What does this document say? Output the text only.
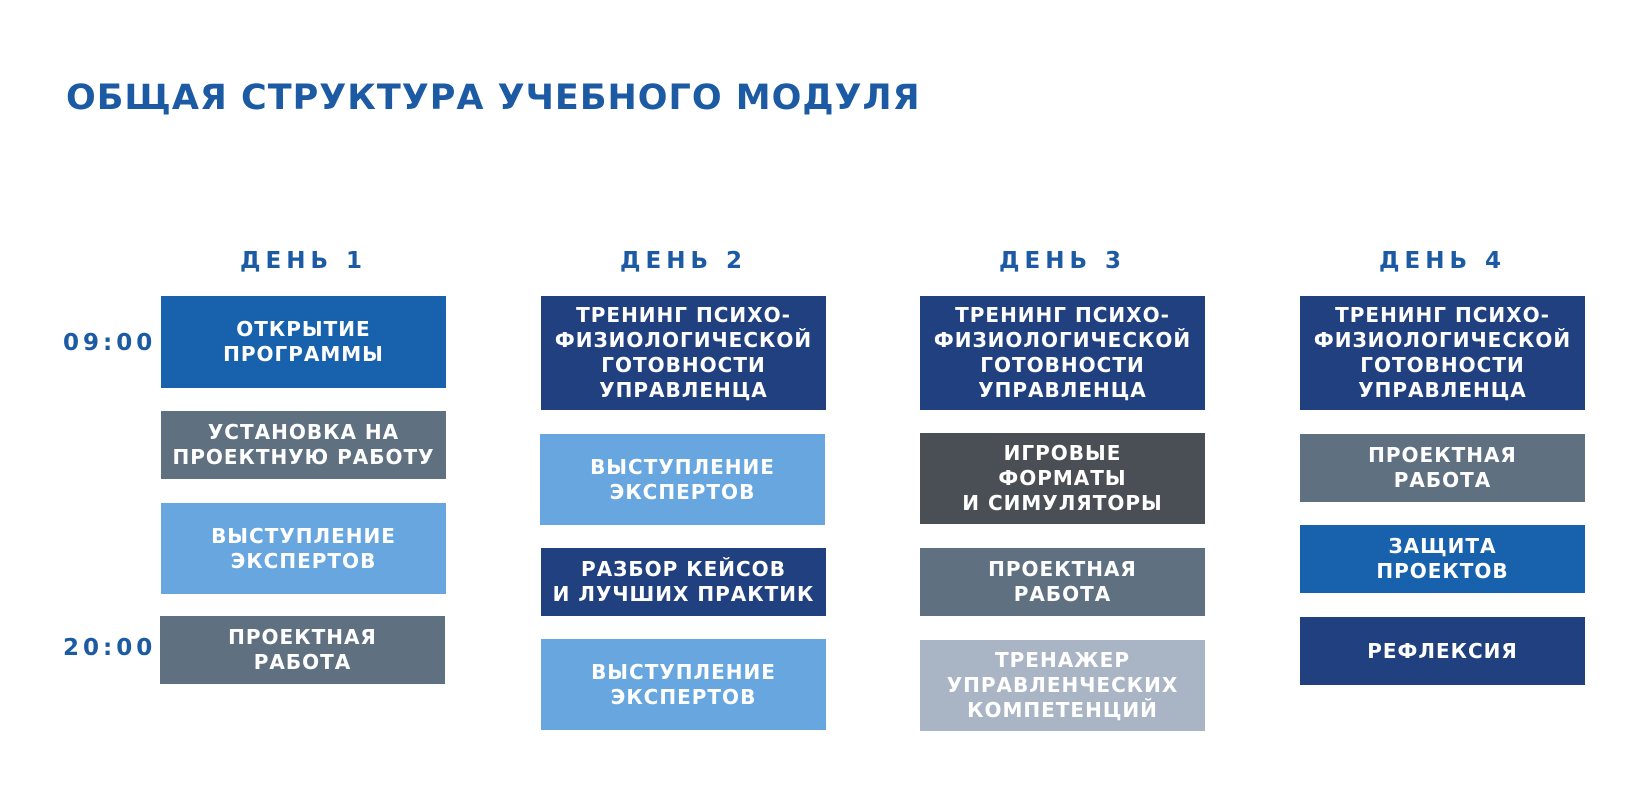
ОБЩАЯ СТРУКТУРА УЧЕБНОГО МОДУЛЯ
09:00
20:00
ДЕНЬ 1
ОТКРЫТИЕ
ПРОГРАММЫ
УСТАНОВКА НА
ПРОЕКТНУЮ РАБОТУ
ВЫСТУПЛЕНИЕ
ЭКСПЕРТОВ
ПРОЕКТНАЯ
РАБОТА
ДЕНЬ 2
ТРЕНИНГ ПСИХО-
ФИЗИОЛОГИЧЕСКОЙ
ГОТОВНОСТИ
УПРАВЛЕНЦА
ВЫСТУПЛЕНИЕ
ЭКСПЕРТОВ
РАЗБОР КЕЙСОВ
И ЛУЧШИХ ПРАКТИК
ВЫСТУПЛЕНИЕ
ЭКСПЕРТОВ
ДЕНЬ 3
ТРЕНИНГ ПСИХО-
ФИЗИОЛОГИЧЕСКОЙ
ГОТОВНОСТИ
УПРАВЛЕНЦА
ИГРОВЫЕ
ФОРМАТЫ
И СИМУЛЯТОРЫ
ПРОЕКТНАЯ
РАБОТА
ТРЕНАЖЕР
УПРАВЛЕНЧЕСКИХ
КОМПЕТЕНЦИЙ
ДЕНЬ 4
ТРЕНИНГ ПСИХО-
ФИЗИОЛОГИЧЕСКОЙ
ГОТОВНОСТИ
УПРАВЛЕНЦА
ПРОЕКТНАЯ
РАБОТА
ЗАЩИТА
ПРОЕКТОВ
РЕФЛЕКСИЯ
